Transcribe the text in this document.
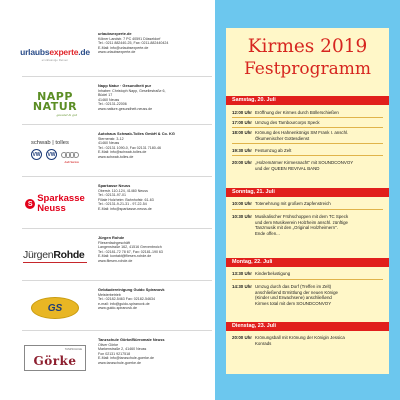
urlaubsexperte.de
erstklassige Reisen
urlaubsexperte.de
Kölner Landstr. 7 PC 40591 Düsseldorf
Tel.: 0211 882440-25, Fax: 0211-882440424
E-Mail: info@urlaubsexperte.de
www.urlaubsexperte.de
NAPP
NATUR
gesund & gut
Napp Natur · Gesundheit pur
Inhaber: Christoph Napp, Gesellestraße 6,
Büdel 17
41460 Neuss
Tel.: 02131-22006
www.natiure-gesundheit-neuss.de
schwab | tolles
VW VW
Audi Service
Autohaus Schwab-Tolles GmbH & Co. KG
Sternenstr. 3-12
41460 Neuss
Tel.: 02131 1090-0, Fax 02131 7180-46
E-Mail: info@schwab-tolles.de
www.schwab-tolles.de
S Sparkasse
Neuss
Sparkasse Neuss
Oberstr. 110-124, 41460 Neuss
Tel.: 02131-97-01
Filiale Holzheim: Bahnhofstr. 61-63
Tel.: 02131-9-21-31 - 97-22-54
E-Mail: info@sparkasse-neuss.de
JürgenRohde
Jürgen Rohde
Fliesenfachgeschäft
Langenstraße 162, 41516 Grevenbroich
Tel.: 02181-72 78 67, Fax: 02181-190 63
E-Mail: kontakt@fliesen-rohde.de
www.fliesen-rohde.de
GS
Gebäudereinigung Guido Spiranovk
Meisterbetrieb
Tel.: 02182-5463 Fax: 02182-54634
e-mail: info@guido-spiranovk.de
www.guido-spiranovk.de
TANZSCHULE
Görke
Tanzschule Görke/Bürromale Neuss
Oliver Görke
Markenstraße 2, 41460 Neuss
Fon 02131 9217518
E-Mail: info@tanzschule-goerke.de
www.tanzschule-goerke.de
Kirmes 2019
Festprogramm
Samstag, 20. Juli
12:00 Uhr Eröffnung der Kirmes durch Böllerschießen
17:00 Uhr Umzug des Tambourcorps Speck
18:00 Uhr Krönung des Hahnenkönigs SM Frank I. anschl.
Ökumenischer Gottesdienst
19:30 Uhr Festumzug ab Zelt
20:00 Uhr „Holzemärmer Kirmesnacht" mit SOUNDCONVOY
und der QUEEN REVIVAL BAND
Sonntag, 21. Juli
10:00 Uhr Totenehrung mit großem Zapfenstreich
10:30 Uhr Musikalischer Frühschoppen mit dem TC Speck
und dem Musikverein Holzheim anschl. zünftige
Tanzmusik mit den „Original Holzheimern".
Ende offen...
Montag, 22. Juli
13:30 Uhr Kinderbelustigung
14:30 Uhr Umzug durch das Dorf (Treffen im Zelt)
anschließend Ermittlung der neuen Könige
(Kinder und Erwachsene) anschließend
Kirmes total mit dem SOUNDCONVOY
Dienstag, 23. Juli
20:00 Uhr Krönungsball mit Krönung der Königin Jessica
Konrads
